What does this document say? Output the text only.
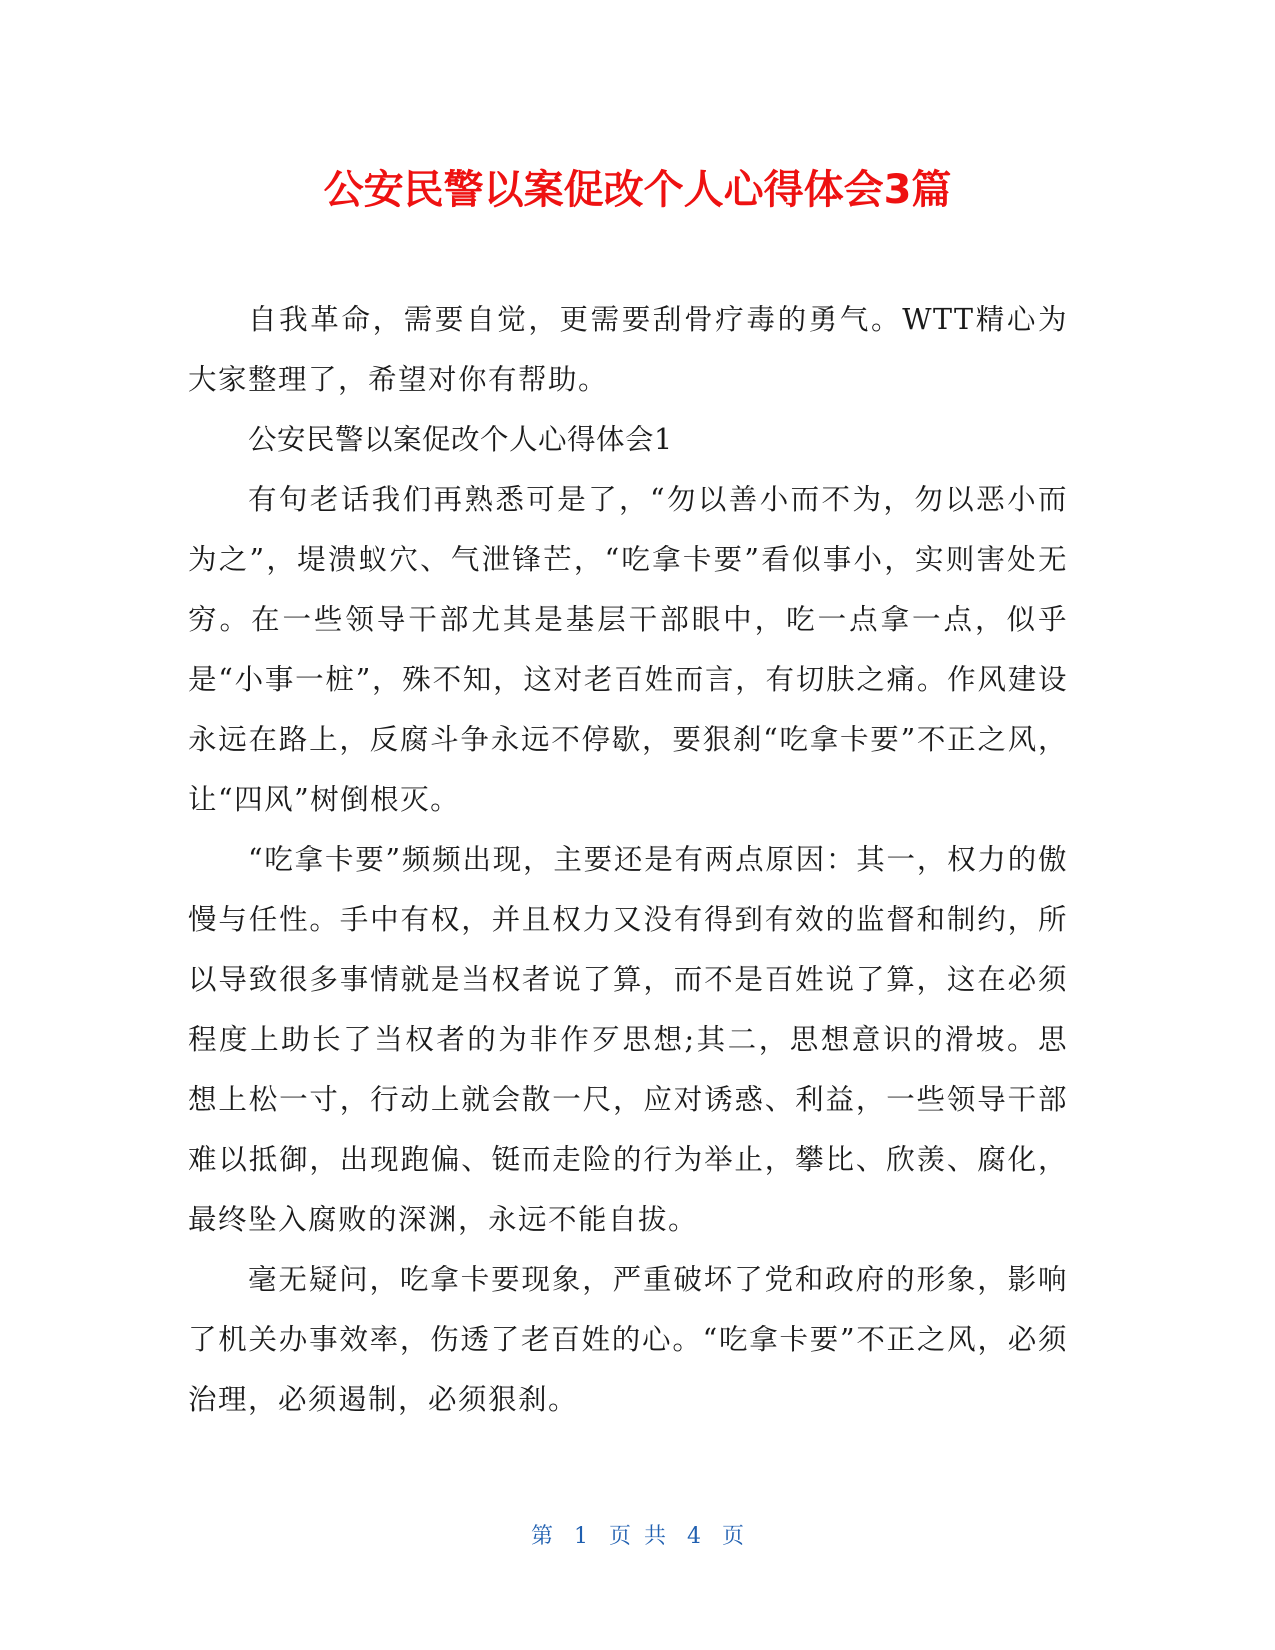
公安民警以案促改个人心得体会3篇

自我革命，需要自觉，更需要刮骨疗毒的勇气。WTT精心为大家整理了，希望对你有帮助。

公安民警以案促改个人心得体会1

有句老话我们再熟悉可是了，“勿以善小而不为，勿以恶小而为之”，堤溃蚁穴、气泄锋芒，“吃拿卡要”看似事小，实则害处无穷。在一些领导干部尤其是基层干部眼中，吃一点拿一点，似乎是“小事一桩”，殊不知，这对老百姓而言，有切肤之痛。作风建设永远在路上，反腐斗争永远不停歇，要狠刹“吃拿卡要”不正之风，让“四风”树倒根灭。

“吃拿卡要”频频出现，主要还是有两点原因：其一，权力的傲慢与任性。手中有权，并且权力又没有得到有效的监督和制约，所以导致很多事情就是当权者说了算，而不是百姓说了算，这在必须程度上助长了当权者的为非作歹思想;其二，思想意识的滑坡。思想上松一寸，行动上就会散一尺，应对诱惑、利益，一些领导干部难以抵御，出现跑偏、铤而走险的行为举止，攀比、欣羡、腐化，最终坠入腐败的深渊，永远不能自拔。

毫无疑问，吃拿卡要现象，严重破坏了党和政府的形象，影响了机关办事效率，伤透了老百姓的心。“吃拿卡要”不正之风，必须治理，必须遏制，必须狠刹。

第 1 页 共 4 页
